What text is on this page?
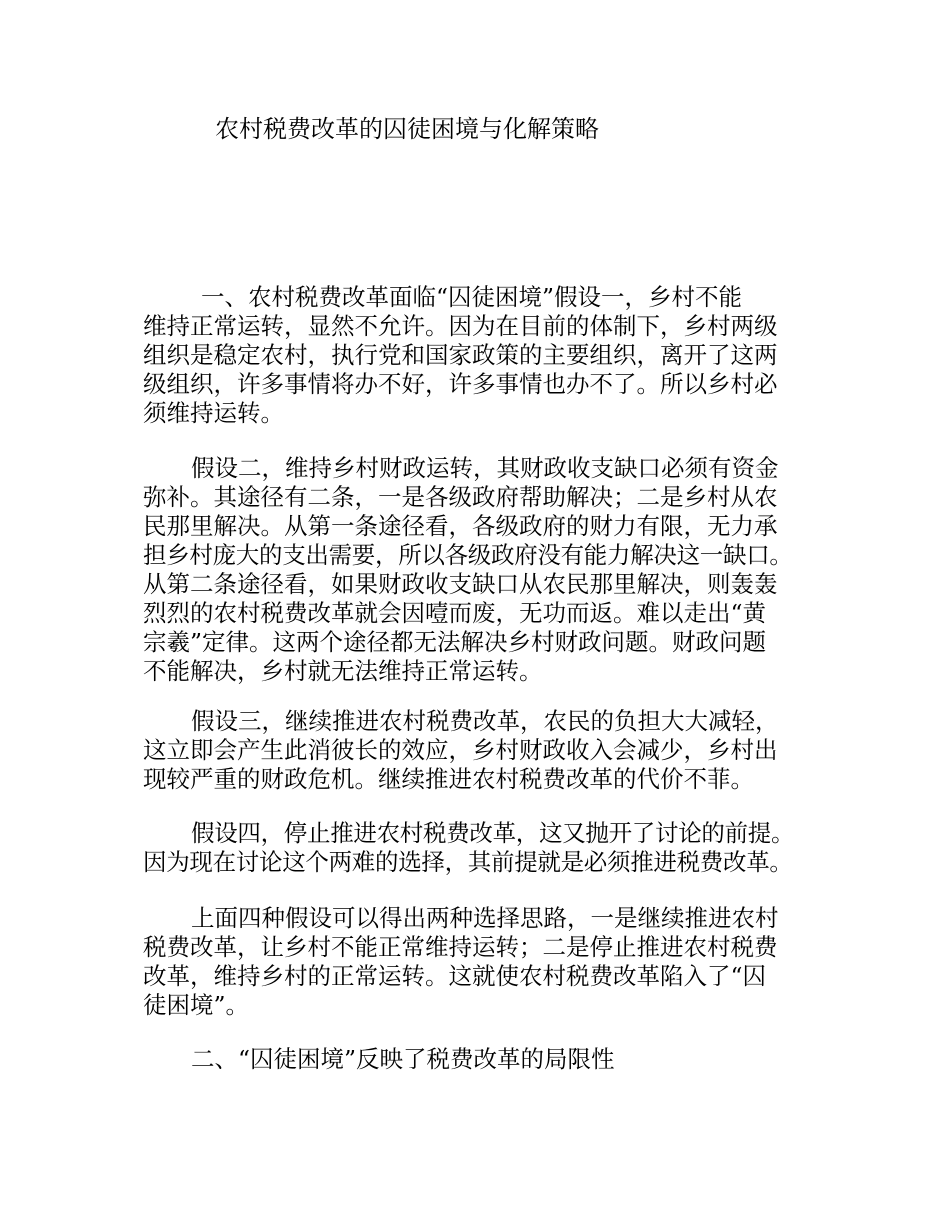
农村税费改革的囚徒困境与化解策略
一、农村税费改革面临“囚徒困境”假设一，乡村不能
维持正常运转，显然不允许。因为在目前的体制下，乡村两级
组织是稳定农村，执行党和国家政策的主要组织，离开了这两
级组织，许多事情将办不好，许多事情也办不了。所以乡村必
须维持运转。
假设二，维持乡村财政运转，其财政收支缺口必须有资金
弥补。其途径有二条，一是各级政府帮助解决；二是乡村从农
民那里解决。从第一条途径看，各级政府的财力有限，无力承
担乡村庞大的支出需要，所以各级政府没有能力解决这一缺口。
从第二条途径看，如果财政收支缺口从农民那里解决，则轰轰
烈烈的农村税费改革就会因噎而废，无功而返。难以走出“黄
宗羲”定律。这两个途径都无法解决乡村财政问题。财政问题
不能解决，乡村就无法维持正常运转。
假设三，继续推进农村税费改革，农民的负担大大减轻，
这立即会产生此消彼长的效应，乡村财政收入会减少，乡村出
现较严重的财政危机。继续推进农村税费改革的代价不菲。
假设四，停止推进农村税费改革，这又抛开了讨论的前提。
因为现在讨论这个两难的选择，其前提就是必须推进税费改革。
上面四种假设可以得出两种选择思路，一是继续推进农村
税费改革，让乡村不能正常维持运转；二是停止推进农村税费
改革，维持乡村的正常运转。这就使农村税费改革陷入了“囚
徒困境”。
二、“囚徒困境”反映了税费改革的局限性
